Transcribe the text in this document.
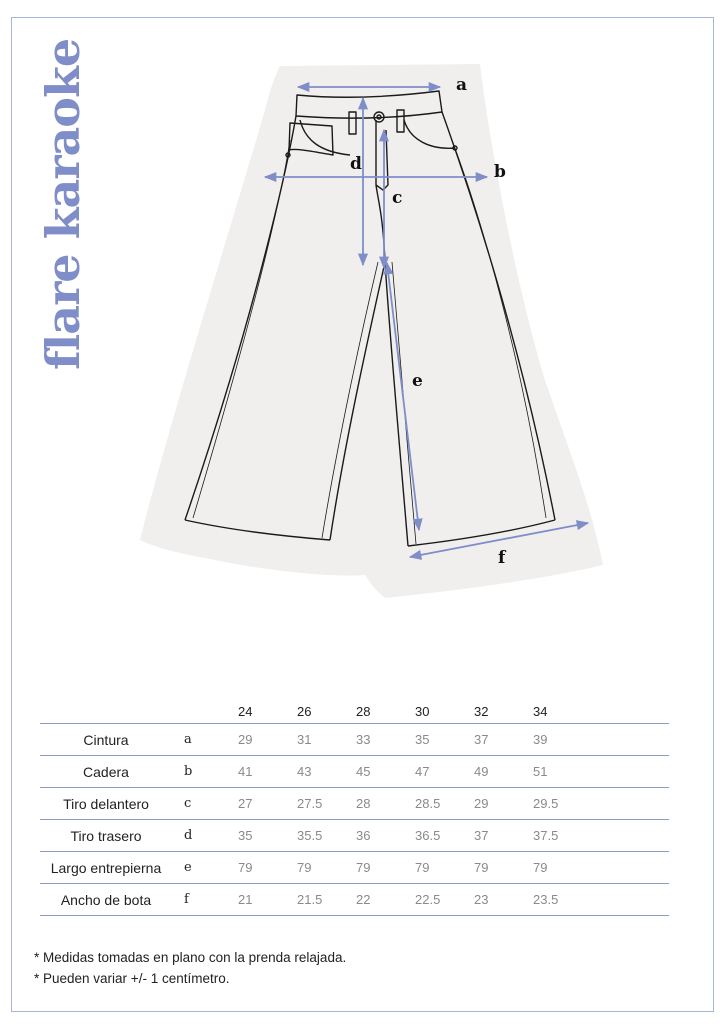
flare karaoke	a
b
c
d
e
f
		24	26	28	30	32	34	
Cintura	a	29	31	33	35	37	39	
Cadera	b	41	43	45	47	49	51	
Tiro delantero	c	27	27.5	28	28.5	29	29.5	
Tiro trasero	d	35	35.5	36	36.5	37	37.5	
Largo entrepierna	e	79	79	79	79	79	79	
Ancho de bota	f	21	21.5	22	22.5	23	23.5	
* Medidas tomadas en plano con la prenda relajada.
* Pueden variar +/- 1 centímetro.
